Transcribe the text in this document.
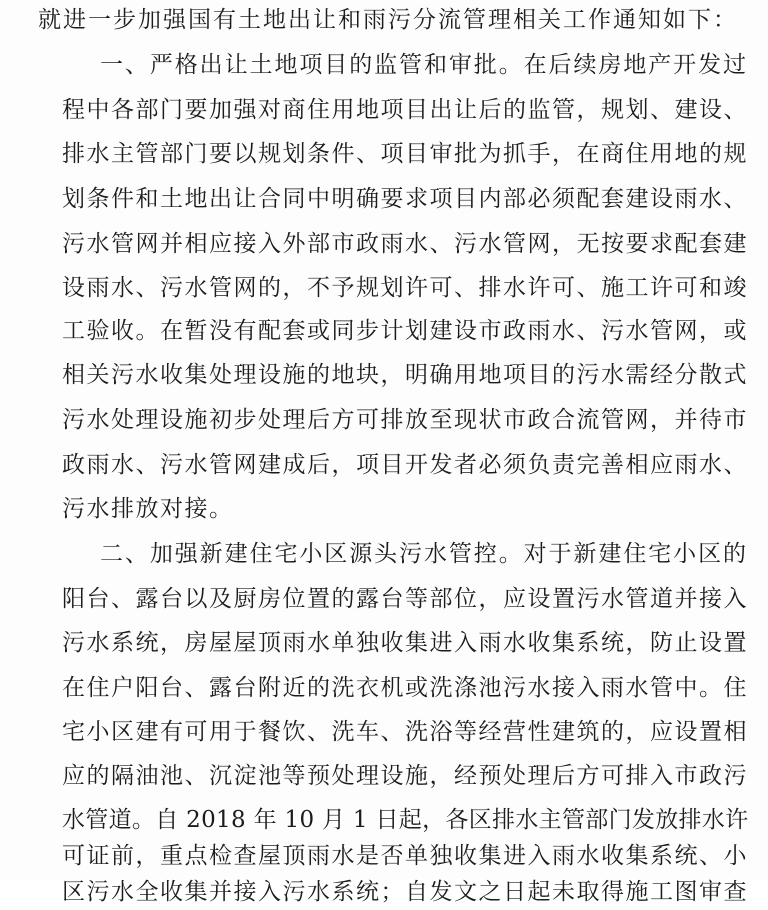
就进一步加强国有土地出让和雨污分流管理相关工作通知如下：
一、严格出让土地项目的监管和审批。在后续房地产开发过
程中各部门要加强对商住用地项目出让后的监管，规划、建设、
排水主管部门要以规划条件、项目审批为抓手，在商住用地的规
划条件和土地出让合同中明确要求项目内部必须配套建设雨水、
污水管网并相应接入外部市政雨水、污水管网，无按要求配套建
设雨水、污水管网的，不予规划许可、排水许可、施工许可和竣
工验收。在暂没有配套或同步计划建设市政雨水、污水管网，或
相关污水收集处理设施的地块，明确用地项目的污水需经分散式
污水处理设施初步处理后方可排放至现状市政合流管网，并待市
政雨水、污水管网建成后，项目开发者必须负责完善相应雨水、
污水排放对接。
二、加强新建住宅小区源头污水管控。对于新建住宅小区的
阳台、露台以及厨房位置的露台等部位，应设置污水管道并接入
污水系统，房屋屋顶雨水单独收集进入雨水收集系统，防止设置
在住户阳台、露台附近的洗衣机或洗涤池污水接入雨水管中。住
宅小区建有可用于餐饮、洗车、洗浴等经营性建筑的，应设置相
应的隔油池、沉淀池等预处理设施，经预处理后方可排入市政污
水管道。自 2018 年 10 月 1 日起，各区排水主管部门发放排水许
可证前，重点检查屋顶雨水是否单独收集进入雨水收集系统、小
区污水全收集并接入污水系统；自发文之日起未取得施工图审查
